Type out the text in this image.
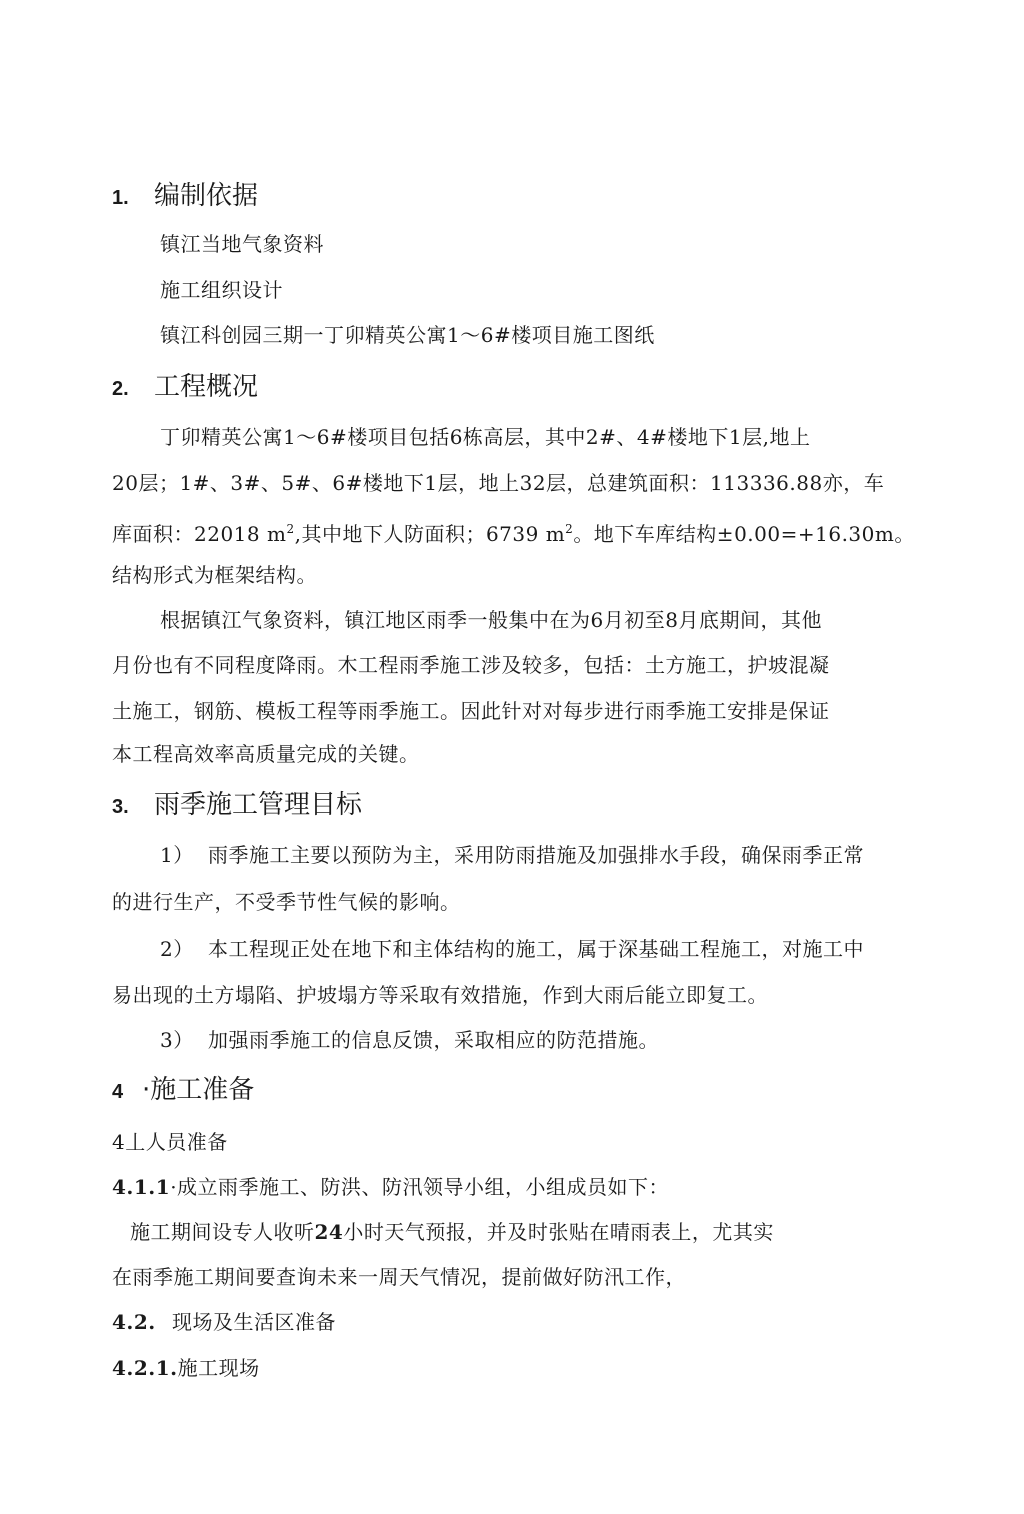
1. 编制依据
镇江当地气象资料
施工组织设计
镇江科创园三期一丁卯精英公寓1～6#楼项目施工图纸
2. 工程概况
丁卯精英公寓1～6#楼项目包括6栋高层，其中2#、4#楼地下1层,地上
20层；1#、3#、5#、6#楼地下1层，地上32层，总建筑面积：113336.88亦，车
库面积：22018 $m^2$,其中地下人防面积；6739 $m^2$。地下车库结构±0.00=+16.30m。
结构形式为框架结构。
根据镇江气象资料，镇江地区雨季一般集中在为6月初至8月底期间，其他
月份也有不同程度降雨。木工程雨季施工涉及较多，包括：土方施工，护坡混凝
土施工，钢筋、模板工程等雨季施工。因此针对对每步进行雨季施工安排是保证
本工程高效率高质量完成的关键。
3. 雨季施工管理目标
1） 雨季施工主要以预防为主，采用防雨措施及加强排水手段，确保雨季正常
的进行生产，不受季节性气候的影响。
2） 本工程现正处在地下和主体结构的施工，属于深基础工程施工，对施工中
易出现的土方塌陷、护坡塌方等采取有效措施，作到大雨后能立即复工。
3） 加强雨季施工的信息反馈，采取相应的防范措施。
4 ·施工准备
4丄人员准备
4.1.1·成立雨季施工、防洪、防汛领导小组，小组成员如下：
施工期间设专人收听24小时天气预报，并及时张贴在晴雨表上，尤其实
在雨季施工期间要查询未来一周天气情况，提前做好防汛工作，
4.2. 现场及生活区准备
4.2.1.施工现场
